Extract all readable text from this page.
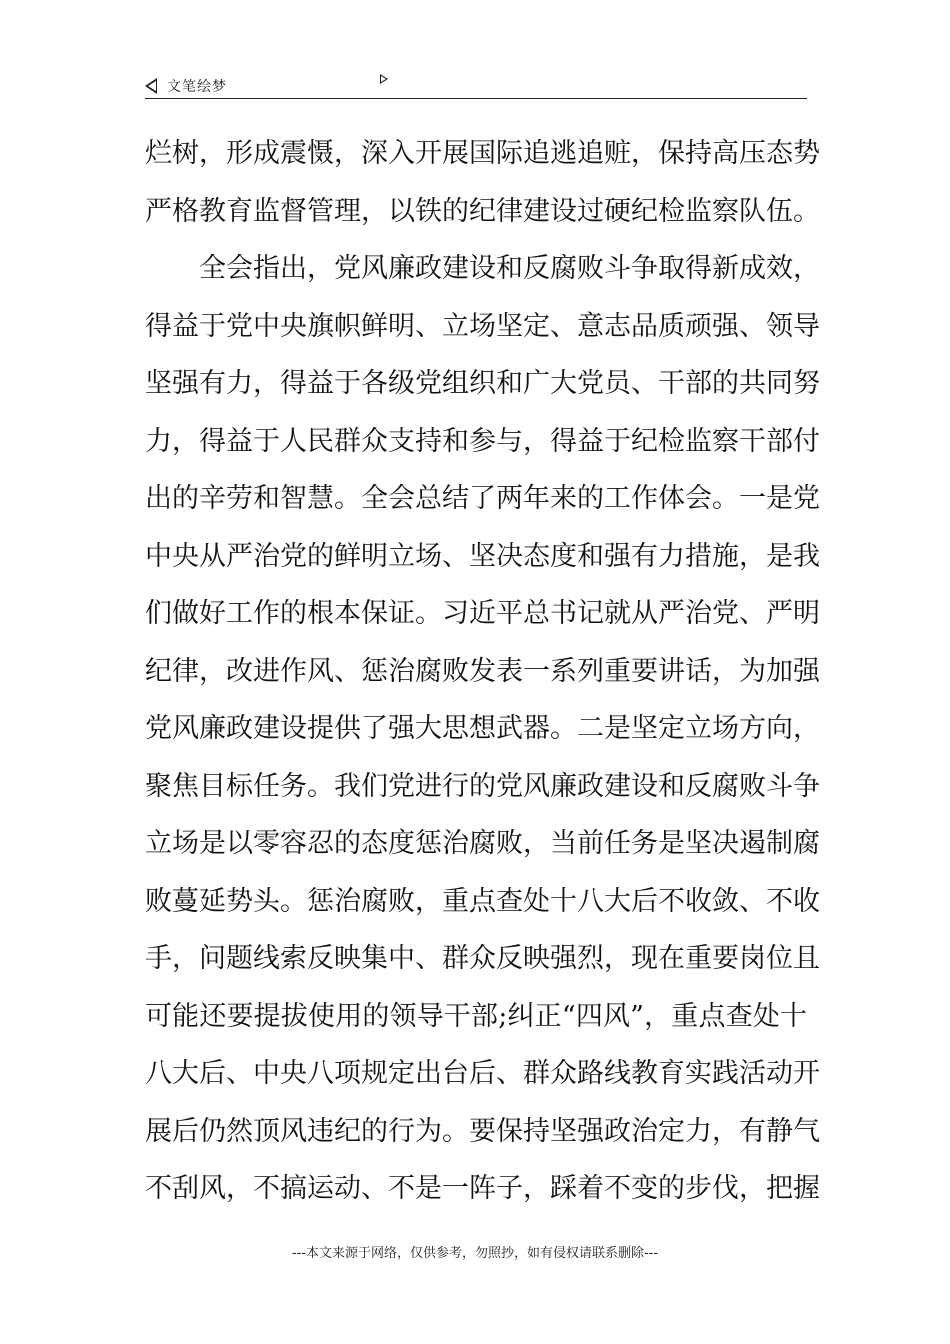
文笔绘梦
烂树，形成震慑，深入开展国际追逃追赃，保持高压态势
严格教育监督管理，以铁的纪律建设过硬纪检监察队伍。
全会指出，党风廉政建设和反腐败斗争取得新成效，
得益于党中央旗帜鲜明、立场坚定、意志品质顽强、领导
坚强有力，得益于各级党组织和广大党员、干部的共同努
力，得益于人民群众支持和参与，得益于纪检监察干部付
出的辛劳和智慧。全会总结了两年来的工作体会。一是党
中央从严治党的鲜明立场、坚决态度和强有力措施，是我
们做好工作的根本保证。习近平总书记就从严治党、严明
纪律，改进作风、惩治腐败发表一系列重要讲话，为加强
党风廉政建设提供了强大思想武器。二是坚定立场方向，
聚焦目标任务。我们党进行的党风廉政建设和反腐败斗争
立场是以零容忍的态度惩治腐败，当前任务是坚决遏制腐
败蔓延势头。惩治腐败，重点查处十八大后不收敛、不收
手，问题线索反映集中、群众反映强烈，现在重要岗位且
可能还要提拔使用的领导干部;纠正“四风”，重点查处十
八大后、中央八项规定出台后、群众路线教育实践活动开
展后仍然顶风违纪的行为。要保持坚强政治定力，有静气
不刮风，不搞运动、不是一阵子，踩着不变的步伐，把握
---本文来源于网络，仅供参考，勿照抄，如有侵权请联系删除---
